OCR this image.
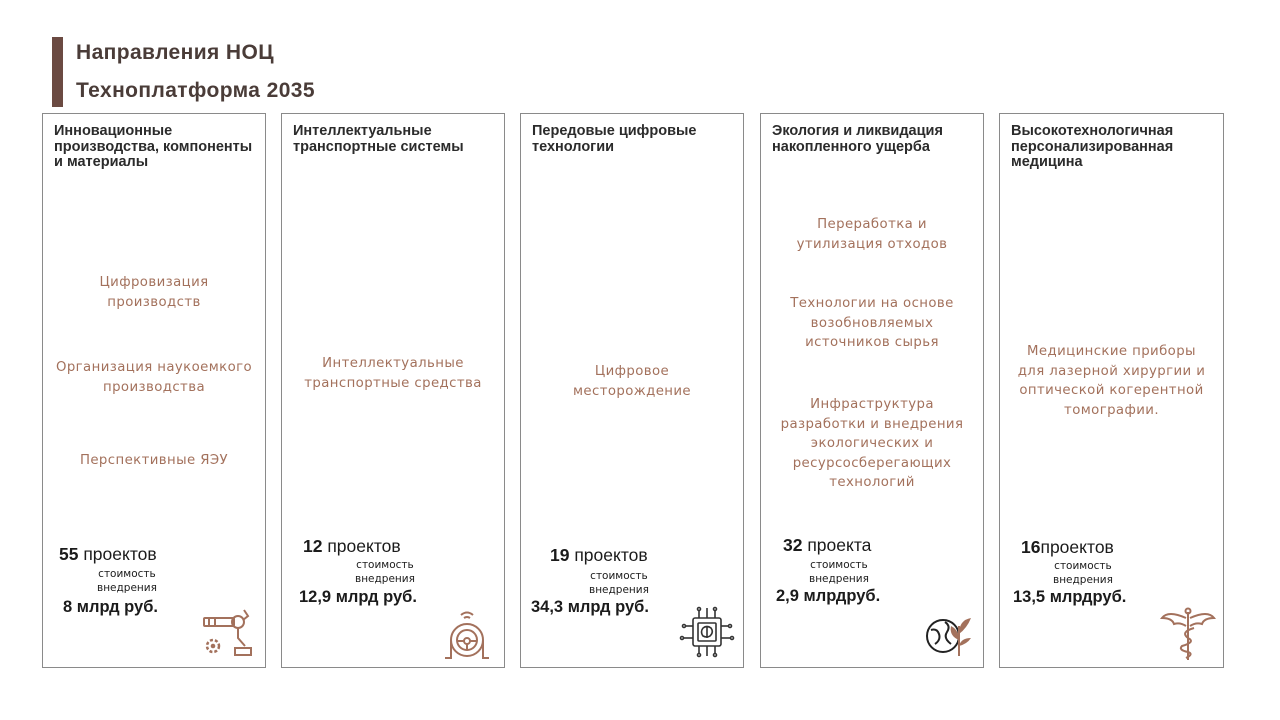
Направления НОЦ
Техноплатформа 2035
Инновационные производства, компоненты и материалы
Цифровизация
производств
Организация наукоемкого
производства
Перспективные ЯЭУ
55 проектов
стоимость
внедрения
8 млрд руб.
Интеллектуальные транспортные системы
Интеллектуальные
транспортные средства
12 проектов
стоимость
внедрения
12,9 млрд руб.
Передовые цифровые технологии
Цифровое
месторождение
19 проектов
стоимость
внедрения
34,3 млрд руб.
Экология и ликвидация накопленного ущерба
Переработка и
утилизация отходов
Технологии на основе
возобновляемых
источников сырья
Инфраструктура
разработки и внедрения
экологических и
ресурсосберегающих
технологий
32 проекта
стоимость
внедрения
2,9 млрдруб.
Высокотехнологичная персонализированная медицина
Медицинские приборы
для лазерной хирургии и
оптической когерентной
томографии.
16проектов
стоимость
внедрения
13,5 млрдруб.
